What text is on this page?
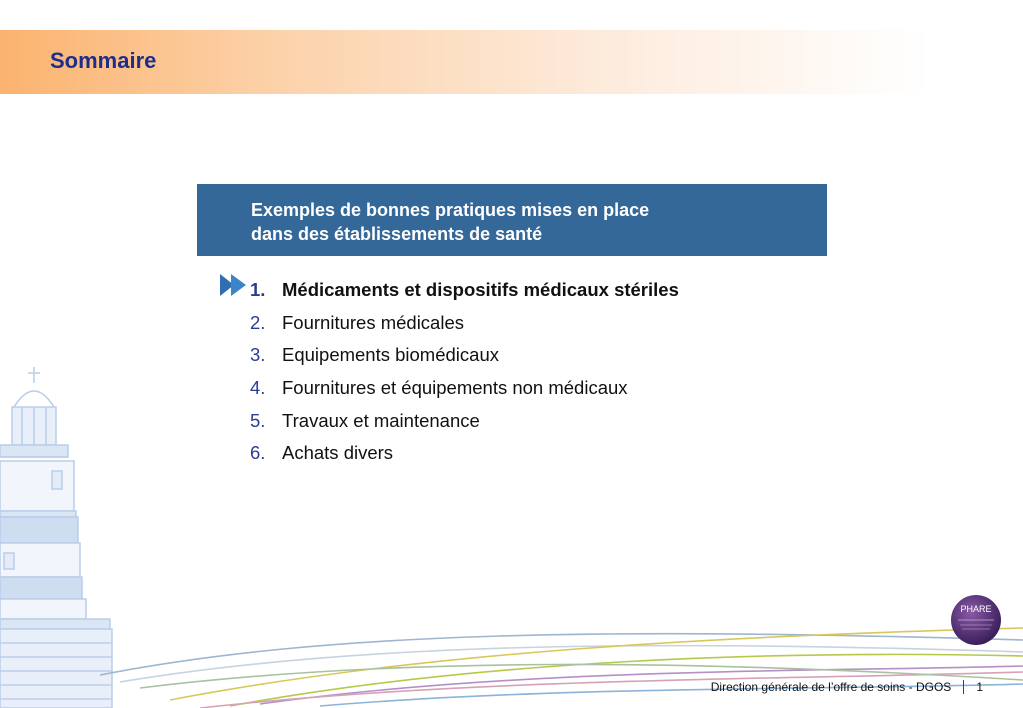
Sommaire
Exemples de bonnes pratiques mises en place
dans des établissements de santé
1. Médicaments et dispositifs médicaux stériles
2. Fournitures médicales
3. Equipements biomédicaux
4. Fournitures et équipements non médicaux
5. Travaux et maintenance
6. Achats divers
PHARE
Direction générale de l’offre de soins - DGOS 1
